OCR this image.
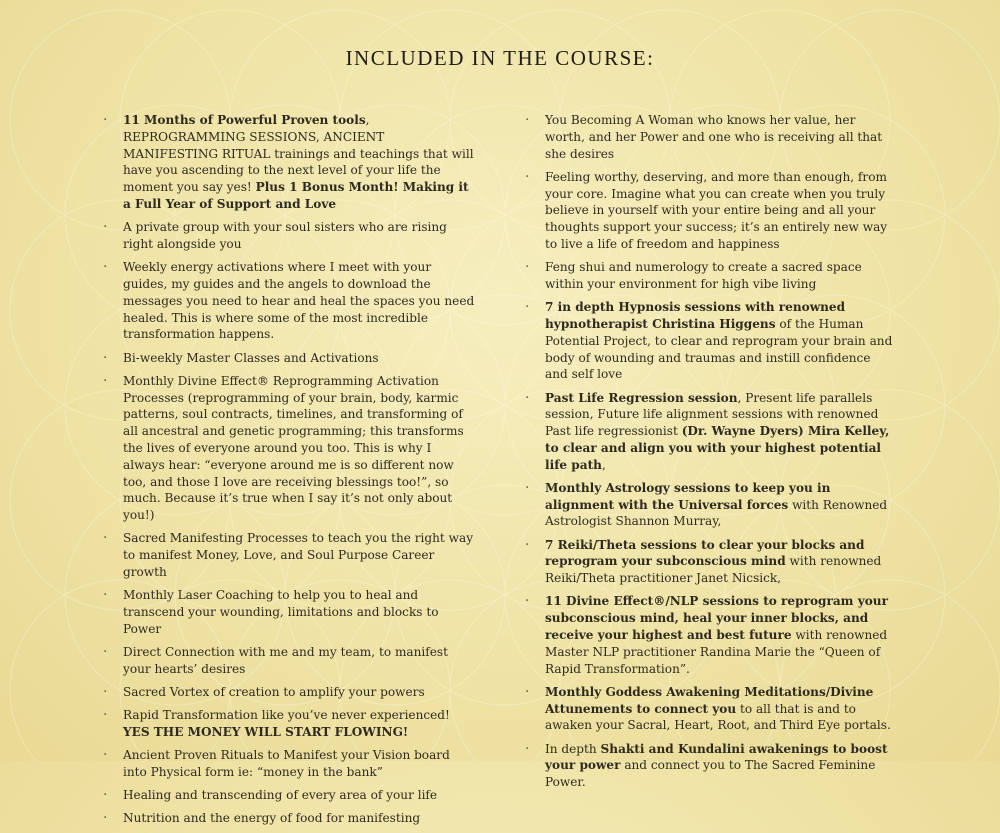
INCLUDED IN THE COURSE:
· 11 Months of Powerful Proven tools, REPROGRAMMING SESSIONS, ANCIENT MANIFESTING RITUAL trainings and teachings that will have you ascending to the next level of your life the moment you say yes! Plus 1 Bonus Month! Making it a Full Year of Support and Love
· A private group with your soul sisters who are rising right alongside you
· Weekly energy activations where I meet with your guides, my guides and the angels to download the messages you need to hear and heal the spaces you need healed. This is where some of the most incredible transformation happens.
· Bi-weekly Master Classes and Activations
· Monthly Divine Effect® Reprogramming Activation Processes (reprogramming of your brain, body, karmic patterns, soul contracts, timelines, and transforming of all ancestral and genetic programming; this transforms the lives of everyone around you too. This is why I always hear: “everyone around me is so different now too, and those I love are receiving blessings too!”, so much. Because it’s true when I say it’s not only about you!)
· Sacred Manifesting Processes to teach you the right way to manifest Money, Love, and Soul Purpose Career growth
· Monthly Laser Coaching to help you to heal and transcend your wounding, limitations and blocks to Power
· Direct Connection with me and my team, to manifest your hearts’ desires
· Sacred Vortex of creation to amplify your powers
· Rapid Transformation like you’ve never experienced! YES THE MONEY WILL START FLOWING!
· Ancient Proven Rituals to Manifest your Vision board into Physical form ie: “money in the bank”
· Healing and transcending of every area of your life
· Nutrition and the energy of food for manifesting
· You Becoming A Woman who knows her value, her worth, and her Power and one who is receiving all that she desires
· Feeling worthy, deserving, and more than enough, from your core. Imagine what you can create when you truly believe in yourself with your entire being and all your thoughts support your success; it’s an entirely new way to live a life of freedom and happiness
· Feng shui and numerology to create a sacred space within your environment for high vibe living
· 7 in depth Hypnosis sessions with renowned hypnotherapist Christina Higgens of the Human Potential Project, to clear and reprogram your brain and body of wounding and traumas and instill confidence and self love
· Past Life Regression session, Present life parallels session, Future life alignment sessions with renowned Past life regressionist (Dr. Wayne Dyers) Mira Kelley, to clear and align you with your highest potential life path,
· Monthly Astrology sessions to keep you in alignment with the Universal forces with Renowned Astrologist Shannon Murray,
· 7 Reiki/Theta sessions to clear your blocks and reprogram your subconscious mind with renowned Reiki/Theta practitioner Janet Nicsick,
· 11 Divine Effect®/NLP sessions to reprogram your subconscious mind, heal your inner blocks, and receive your highest and best future with renowned Master NLP practitioner Randina Marie the “Queen of Rapid Transformation”.
· Monthly Goddess Awakening Meditations/Divine Attunements to connect you to all that is and to awaken your Sacral, Heart, Root, and Third Eye portals.
· In depth Shakti and Kundalini awakenings to boost your power and connect you to The Sacred Feminine Power.
